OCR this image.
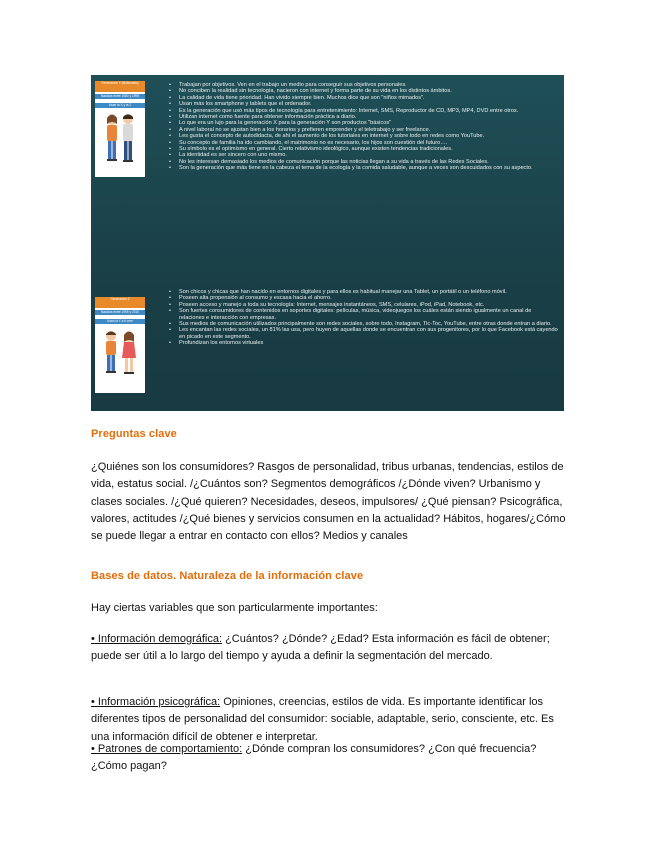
Generación Y (Millennials)
Nacidos entre 1980 y 1995
Usan la X y la Z
• Trabajan por objetivos. Ven en el trabajo un medio para conseguir sus objetivos personales.
• No conciben la realidad sin tecnología, nacieron con internet y forma parte de su vida en los distintos ámbitos.
• La calidad de vida tiene prioridad. Han vivido siempre bien. Muchos dice que son "niños mimados".
• Usan más los smartphone y tablets que el ordenador.
• Es la generación que usó más tipos de tecnología para entretenimiento: Internet, SMS, Reproductor de CD, MP3, MP4, DVD entre otros.
• Utilizan internet como fuente para obtener información práctica a diario.
• Lo que era un lujo para la generación X para la generación Y son productos "básicos"
• A nivel laboral no se ajustan bien a los horarios y prefieren emprender y el teletrabajo y ser freelance.
• Les gusta el concepto de autodidacta, de ahí el aumento de los tutoriales en internet y sobre todo en redes como YouTube.
• Su concepto de familia ha ido cambiando, el matrimonio no es necesario, los hijos son cuestión del futuro….
• Su símbolo es el optimismo en general. Cierto relativismo ideológico, aunque existen tendencias tradicionales.
• La identidad es ser sincero con uno mismo.
• No les interesan demasiado los medios de comunicación porque las noticias llegan a su vida a través de las Redes Sociales.
• Son la generación que más tiene en la cabeza el tema de la ecología y la comida saludable, aunque a veces son descuidados con su aspecto.
Generación Z
Nacidos entre 1995 y 2010
Usan la Y a ti cree
• Son chicos y chicas que han nacido en entornos digitales y para ellos es habitual manejar una Tablet, un portátil o un teléfono móvil.
• Poseen alta propensión al consumo y escasa hacia el ahorro.
• Poseen acceso y manejo a toda su tecnología: Internet, mensajes instantáneos, SMS, celulares, iPod, iPad, Notebook, etc.
• Son fuertes consumidores de contenidos en soportes digitales: películas, música, videojuegos los cuáles están siendo igualmente un canal de relaciones e interacción con empresas.
• Sus medios de comunicación utilizados principalmente son redes sociales, sobre todo, Instagram, Tic-Toc, YouTube, entre otras donde entran a diario.
• Les encantan las redes sociales, un 81% las usa, pero huyen de aquellas donde se encuentran con sus progenitores, por lo que Facebook está cayendo en picado en este segmento.
• Profundizan los entornos virtuales
Preguntas clave

¿Quiénes son los consumidores? Rasgos de personalidad, tribus urbanas, tendencias, estilos de vida, estatus social. /¿Cuántos son? Segmentos demográficos /¿Dónde viven? Urbanismo y clases sociales. /¿Qué quieren? Necesidades, deseos, impulsores/ ¿Qué piensan? Psicográfica, valores, actitudes /¿Qué bienes y servicios consumen en la actualidad? Hábitos, hogares/¿Cómo se puede llegar a entrar en contacto con ellos? Medios y canales

Bases de datos. Naturaleza de la información clave

Hay ciertas variables que son particularmente importantes:

• Información demográfica: ¿Cuántos? ¿Dónde? ¿Edad? Esta información es fácil de obtener; puede ser útil a lo largo del tiempo y ayuda a definir la segmentación del mercado.

• Información psicográfica: Opiniones, creencias, estilos de vida. Es importante identificar los diferentes tipos de personalidad del consumidor: sociable, adaptable, serio, consciente, etc. Es una información difícil de obtener e interpretar.

• Patrones de comportamiento: ¿Dónde compran los consumidores? ¿Con qué frecuencia? ¿Cómo pagan?
